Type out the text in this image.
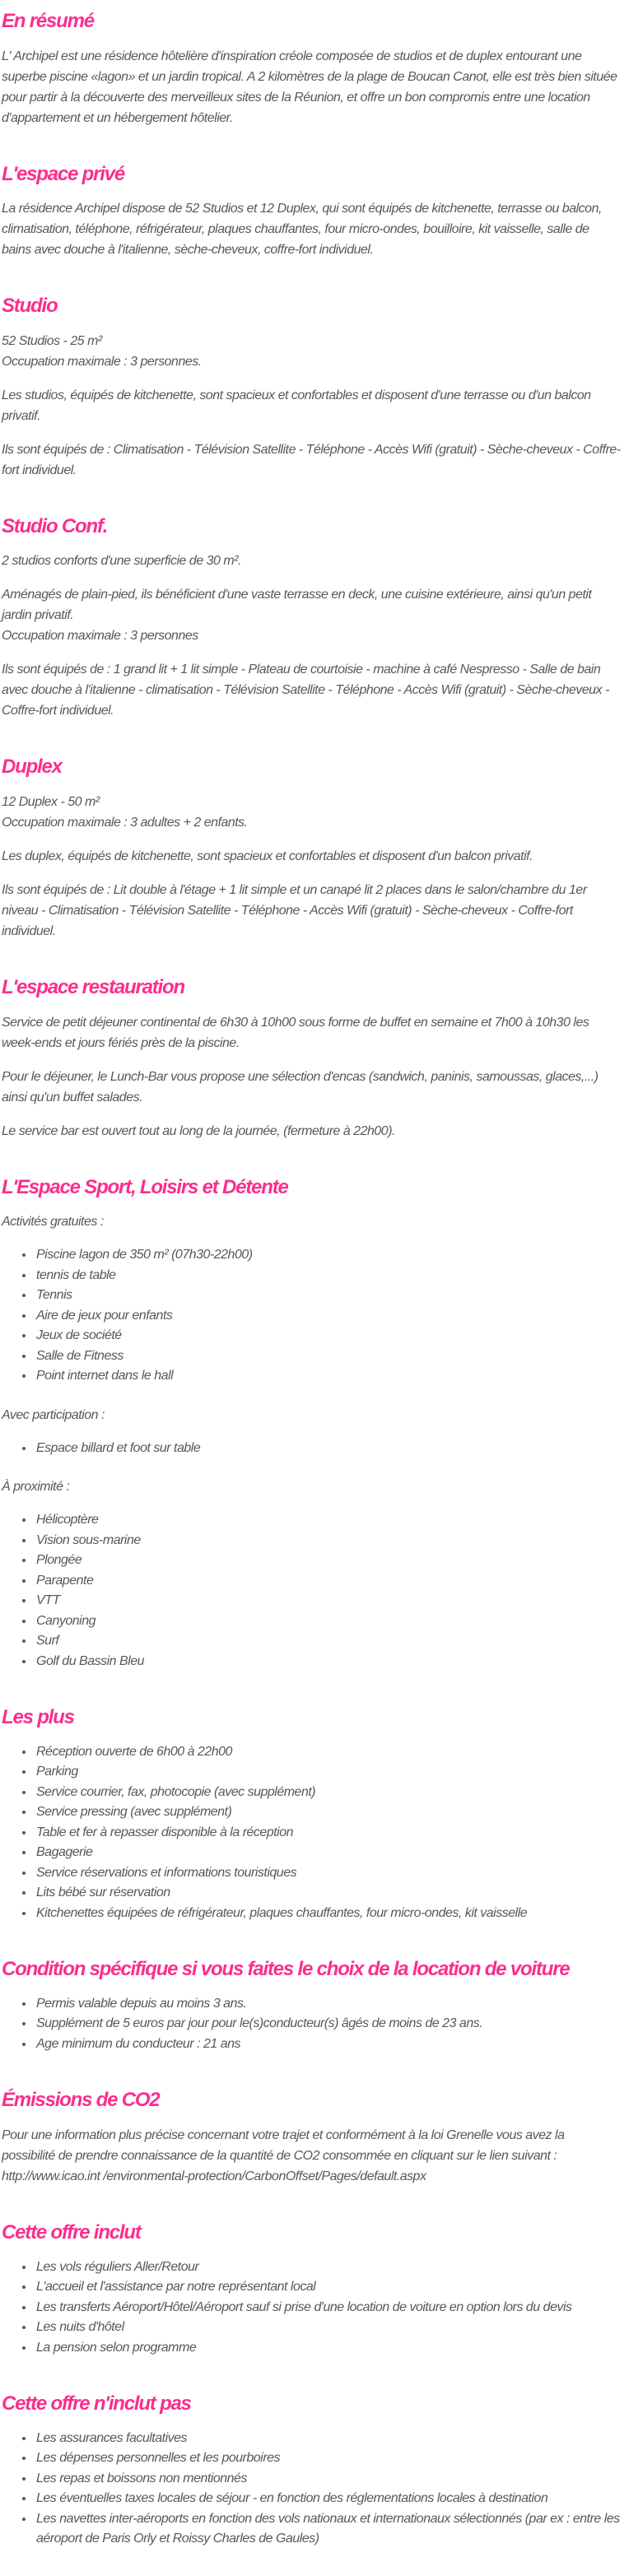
En résumé

L' Archipel est une résidence hôtelière d'inspiration créole composée de studios et de duplex entourant une superbe piscine «lagon» et un jardin tropical. A 2 kilomètres de la plage de Boucan Canot, elle est très bien située pour partir à la découverte des merveilleux sites de la Réunion, et offre un bon compromis entre une location d'appartement et un hébergement hôtelier.

L'espace privé

La résidence Archipel dispose de 52 Studios et 12 Duplex, qui sont équipés de kitchenette, terrasse ou balcon, climatisation, téléphone, réfrigérateur, plaques chauffantes, four micro-ondes, bouilloire, kit vaisselle, salle de bains avec douche à l'italienne, sèche-cheveux, coffre-fort individuel.

Studio

52 Studios - 25 m²
Occupation maximale : 3 personnes.

Les studios, équipés de kitchenette, sont spacieux et confortables et disposent d'une terrasse ou d'un balcon privatif.

Ils sont équipés de : Climatisation - Télévision Satellite - Téléphone - Accès Wifi (gratuit) - Sèche-cheveux - Coffre-fort individuel.

Studio Conf.

2 studios conforts d'une superficie de 30 m².

Aménagés de plain-pied, ils bénéficient d'une vaste terrasse en deck, une cuisine extérieure, ainsi qu'un petit jardin privatif.
Occupation maximale : 3 personnes

Ils sont équipés de : 1 grand lit + 1 lit simple - Plateau de courtoisie - machine à café Nespresso - Salle de bain avec douche à l'italienne - climatisation - Télévision Satellite - Téléphone - Accès Wifi (gratuit) - Sèche-cheveux - Coffre-fort individuel.

Duplex

12 Duplex - 50 m²
Occupation maximale : 3 adultes + 2 enfants.

Les duplex, équipés de kitchenette, sont spacieux et confortables et disposent d'un balcon privatif.

Ils sont équipés de : Lit double à l'étage + 1 lit simple et un canapé lit 2 places dans le salon/chambre du 1er niveau - Climatisation - Télévision Satellite - Téléphone - Accès Wifi (gratuit) - Sèche-cheveux - Coffre-fort individuel.

L'espace restauration

Service de petit déjeuner continental de 6h30 à 10h00 sous forme de buffet en semaine et 7h00 à 10h30 les week-ends et jours fériés près de la piscine.

Pour le déjeuner, le Lunch-Bar vous propose une sélection d'encas (sandwich, paninis, samoussas, glaces,...) ainsi qu'un buffet salades.

Le service bar est ouvert tout au long de la journée, (fermeture à 22h00).

L'Espace Sport, Loisirs et Détente

Activités gratuites :

• Piscine lagon de 350 m² (07h30-22h00)
• tennis de table
• Tennis
• Aire de jeux pour enfants
• Jeux de société
• Salle de Fitness
• Point internet dans le hall

Avec participation :

• Espace billard et foot sur table

À proximité :

• Hélicoptère
• Vision sous-marine
• Plongée
• Parapente
• VTT
• Canyoning
• Surf
• Golf du Bassin Bleu
Les plus
• Réception ouverte de 6h00 à 22h00
• Parking
• Service courrier, fax, photocopie (avec supplément)
• Service pressing (avec supplément)
• Table et fer à repasser disponible à la réception
• Bagagerie
• Service réservations et informations touristiques
• Lits bébé sur réservation
• Kitchenettes équipées de réfrigérateur, plaques chauffantes, four micro-ondes, kit vaisselle
Condition spécifique si vous faites le choix de la location de voiture
• Permis valable depuis au moins 3 ans.
• Supplément de 5 euros par jour pour le(s)conducteur(s) âgés de moins de 23 ans.
• Age minimum du conducteur : 21 ans
Émissions de CO2

Pour une information plus précise concernant votre trajet et conformément à la loi Grenelle vous avez la possibilité de prendre connaissance de la quantité de CO2 consommée en cliquant sur le lien suivant : http://www.icao.int /environmental-protection/CarbonOffset/Pages/default.aspx

Cette offre inclut
• Les vols réguliers Aller/Retour
• L'accueil et l'assistance par notre représentant local
• Les transferts Aéroport/Hôtel/Aéroport sauf si prise d'une location de voiture en option lors du devis
• Les nuits d'hôtel
• La pension selon programme
Cette offre n'inclut pas
• Les assurances facultatives
• Les dépenses personnelles et les pourboires
• Les repas et boissons non mentionnés
• Les éventuelles taxes locales de séjour - en fonction des réglementations locales à destination
• Les navettes inter-aéroports en fonction des vols nationaux et internationaux sélectionnés (par ex : entre les aéroport de Paris Orly et Roissy Charles de Gaules)
